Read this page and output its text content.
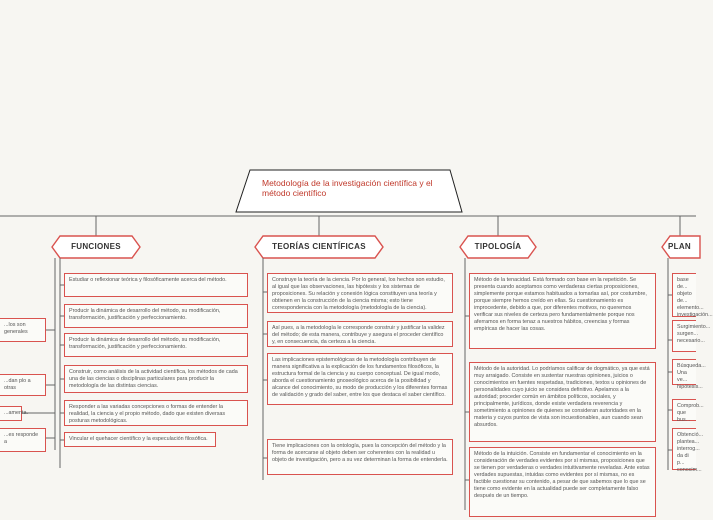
Metodología de la investigación científica y el método científico
FUNCIONES	TEORÍAS CIENTÍFICAS	TIPOLOGÍA	PLAN
Estudiar o reflexionar teórica y filosóficamente acerca del método.
Producir la dinámica de desarrollo del método, su modificación, transformación, justificación y perfeccionamiento.
Producir la dinámica de desarrollo del método, su modificación, transformación, justificación y perfeccionamiento.
Construir, como análisis de la actividad científica, los métodos de cada una de las ciencias o disciplinas particulares para producir la metodología de las distintas ciencias.
Responder a las variadas concepciones o formas de entender la realidad, la ciencia y el propio método, dado que existen diversas posturas metodológicas.
Vincular el quehacer científico y la especulación filosófica.
...los son generales
...dan plo a otras
...amenta.
...es responde a
Construye la teoría de la ciencia. Por lo general, los hechos son estudio, al igual que las observaciones, las hipótesis y los sistemas de proposiciones. Su relación y conexión lógica constituyen una teoría y obtienen en la construcción de la ciencia misma; esto tiene correspondencia con la metodología (metodología de la ciencia).
Así pues, a la metodología le corresponde construir y justificar la validez del método; de esta manera, contribuye y asegura el proceder científico y, en consecuencia, da certeza a la ciencia.
Las implicaciones epistemológicas de la metodología contribuyen de manera significativa a la explicación de los fundamentos filosóficos, la estructura formal de la ciencia y su cuerpo conceptual. De igual modo, aborda el cuestionamiento gnoseológico acerca de la posibilidad y alcance del conocimiento, su modo de producción y los diferentes formas de validación y grado del saber, entre los que destaca el saber científico.
Tiene implicaciones con la ontología, pues la concepción del método y la forma de acercarse al objeto deben ser coherentes con la realidad u objeto de investigación, pero a su vez determinan la forma de entenderla.
Método de la tenacidad. Está formado con base en la repetición. Se presenta cuando aceptamos como verdaderas ciertas proposiciones, simplemente porque estamos habituados a tomarlas así, por costumbre, porque siempre hemos creído en ellas. Su cuestionamiento es improcedente, debido a que, por diferentes motivos, no queremos verificar sus niveles de certeza pero fundamentalmente porque nos aferramos en forma tenaz a nuestros hábitos, creencias y formas empíricas de hacer las cosas.
Método de la autoridad. Lo podríamos calificar de dogmático, ya que está muy arraigado. Consiste en sustentar nuestras opiniones, juicios o conocimientos en fuentes respetadas, tradiciones, textos u opiniones de personalidades cuyo juicio se considera definitivo. Apelamos a la autoridad; proceder común en ámbitos políticos, sociales, y principalmente, jurídicos, donde existe verdadera reverencia y sometimiento a opiniones de quienes se consideran autoridades en la materia y cuyos puntos de vista son incuestionables, aun cuando sean absurdos.
Método de la intuición. Consiste en fundamentar el conocimiento en la consideración de verdades evidentes por sí mismas, proposiciones que se tienen por verdaderas o verdades intuitivamente reveladas. Ante estas verdades supuestas, intuidas como evidentes por sí mismas, no es factible cuestionar su contenido, a pesar de que sabemos que lo que se tiene como evidente en la actualidad puede ser completamente falso después de un tiempo.
base de... objeto de... elemento... investigación...
Surgimiento... surgen... necesario...
Búsqueda... Una ve... hipótesis...
Comprob... que bus...
Obtenció... plantea... interrog... da di p... conocim...
